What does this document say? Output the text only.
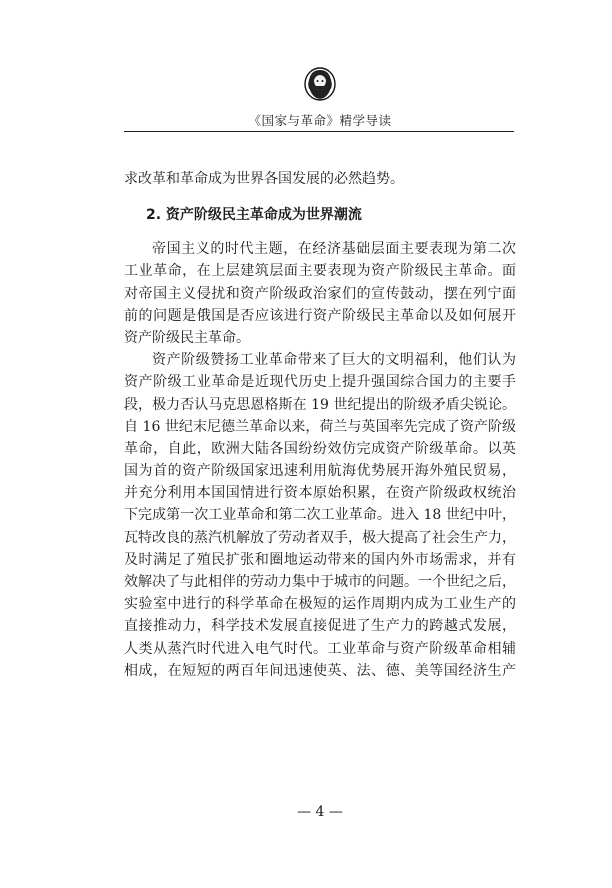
《国家与革命》精学导读
求改革和革命成为世界各国发展的必然趋势。
2. 资产阶级民主革命成为世界潮流
帝国主义的时代主题，在经济基础层面主要表现为第二次
工业革命，在上层建筑层面主要表现为资产阶级民主革命。面
对帝国主义侵扰和资产阶级政治家们的宣传鼓动，摆在列宁面
前的问题是俄国是否应该进行资产阶级民主革命以及如何展开
资产阶级民主革命。
资产阶级赞扬工业革命带来了巨大的文明福利，他们认为
资产阶级工业革命是近现代历史上提升强国综合国力的主要手
段，极力否认马克思恩格斯在 19 世纪提出的阶级矛盾尖锐论。
自 16 世纪末尼德兰革命以来，荷兰与英国率先完成了资产阶级
革命，自此，欧洲大陆各国纷纷效仿完成资产阶级革命。以英
国为首的资产阶级国家迅速利用航海优势展开海外殖民贸易，
并充分利用本国国情进行资本原始积累，在资产阶级政权统治
下完成第一次工业革命和第二次工业革命。进入 18 世纪中叶，
瓦特改良的蒸汽机解放了劳动者双手，极大提高了社会生产力，
及时满足了殖民扩张和圈地运动带来的国内外市场需求，并有
效解决了与此相伴的劳动力集中于城市的问题。一个世纪之后，
实验室中进行的科学革命在极短的运作周期内成为工业生产的
直接推动力，科学技术发展直接促进了生产力的跨越式发展，
人类从蒸汽时代进入电气时代。工业革命与资产阶级革命相辅
相成，在短短的两百年间迅速使英、法、德、美等国经济生产
— 4 —
